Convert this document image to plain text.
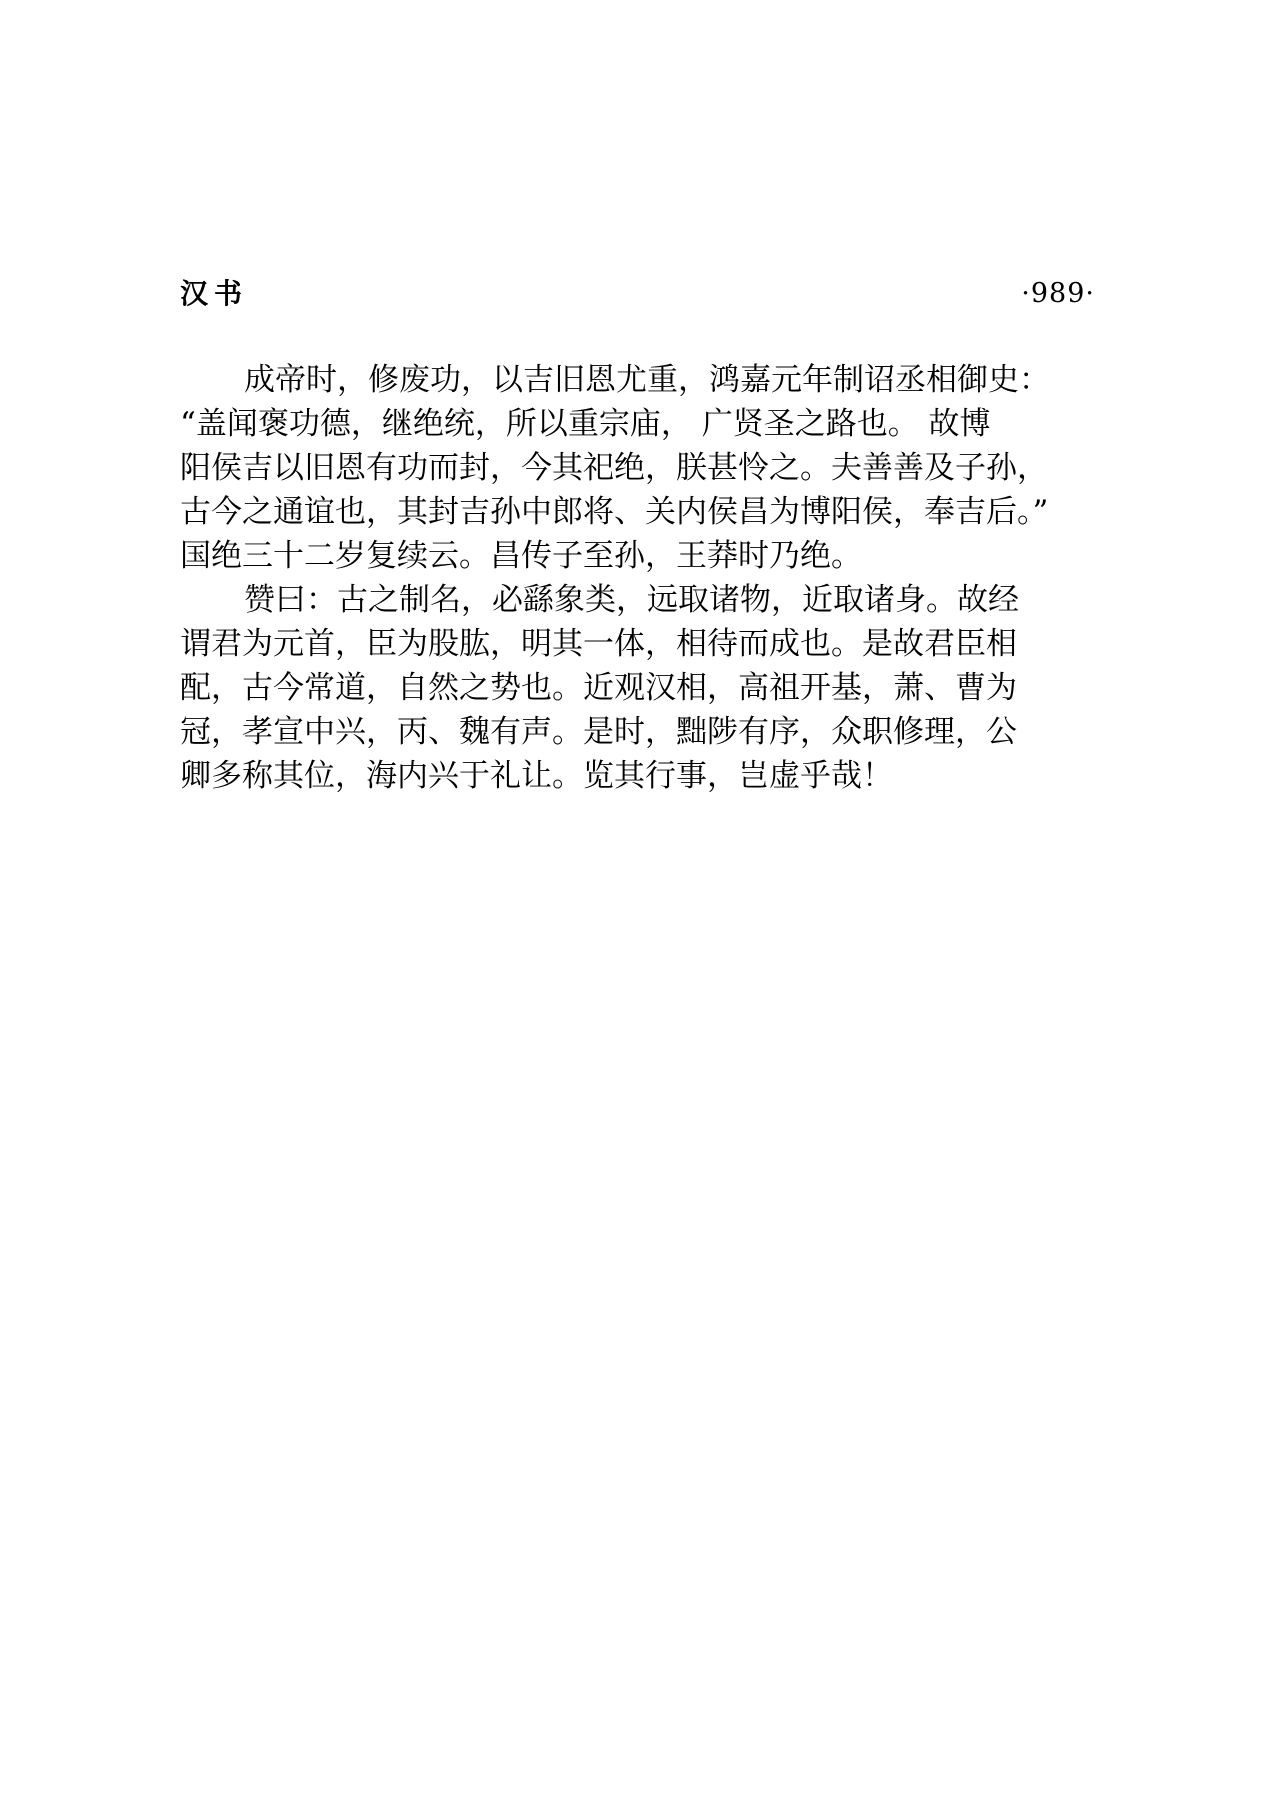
汉书	·989·
成帝时，修废功，以吉旧恩尤重，鸿嘉元年制诏丞相御史：
“盖闻褒功德，继绝统，所以重宗庙， 广贤圣之路也。 故博
阳侯吉以旧恩有功而封，今其祀绝，朕甚怜之。夫善善及子孙，
古今之通谊也，其封吉孙中郎将、关内侯昌为博阳侯，奉吉后。”
国绝三十二岁复续云。昌传子至孙，王莽时乃绝。
赞曰：古之制名，必繇象类，远取诸物，近取诸身。故经
谓君为元首，臣为股肱，明其一体，相待而成也。是故君臣相
配，古今常道，自然之势也。近观汉相，高祖开基，萧、曹为
冠，孝宣中兴，丙、魏有声。是时，黜陟有序，众职修理，公
卿多称其位，海内兴于礼让。览其行事，岂虚乎哉！
